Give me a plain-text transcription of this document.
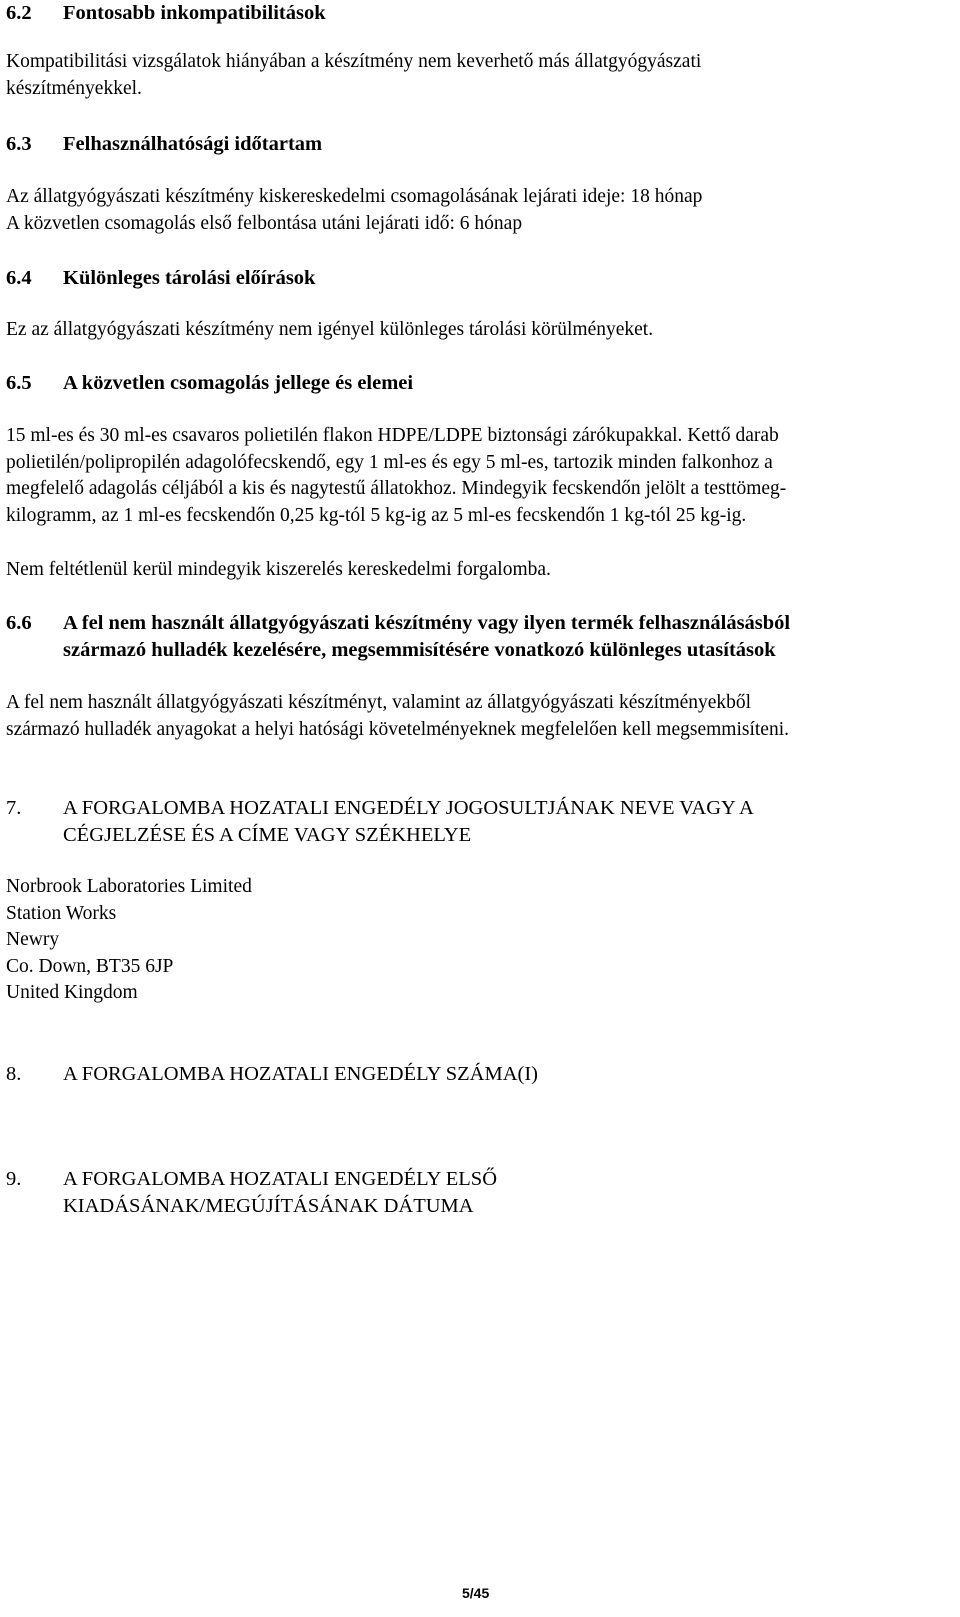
6.2 Fontosabb inkompatibilitások
Kompatibilitási vizsgálatok hiányában a készítmény nem keverhető más állatgyógyászati
készítményekkel.
6.3 Felhasználhatósági időtartam
Az állatgyógyászati készítmény kiskereskedelmi csomagolásának lejárati ideje: 18 hónap
A közvetlen csomagolás első felbontása utáni lejárati idő: 6 hónap
6.4 Különleges tárolási előírások
Ez az állatgyógyászati készítmény nem igényel különleges tárolási körülményeket.
6.5 A közvetlen csomagolás jellege és elemei
15 ml-es és 30 ml-es csavaros polietilén flakon HDPE/LDPE biztonsági zárókupakkal. Kettő darab
polietilén/polipropilén adagolófecskendő, egy 1 ml-es és egy 5 ml-es, tartozik minden falkonhoz a
megfelelő adagolás céljából a kis és nagytestű állatokhoz. Mindegyik fecskendőn jelölt a testtömeg-
kilogramm, az 1 ml-es fecskendőn 0,25 kg-tól 5 kg-ig az 5 ml-es fecskendőn 1 kg-tól 25 kg-ig.
Nem feltétlenül kerül mindegyik kiszerelés kereskedelmi forgalomba.
6.6 A fel nem használt állatgyógyászati készítmény vagy ilyen termék felhasználásásból
származó hulladék kezelésére, megsemmisítésére vonatkozó különleges utasítások
A fel nem használt állatgyógyászati készítményt, valamint az állatgyógyászati készítményekből
származó hulladék anyagokat a helyi hatósági követelményeknek megfelelően kell megsemmisíteni.
7. A FORGALOMBA HOZATALI ENGEDÉLY JOGOSULTJÁNAK NEVE VAGY A
CÉGJELZÉSE ÉS A CÍME VAGY SZÉKHELYE
Norbrook Laboratories Limited
Station Works
Newry
Co. Down, BT35 6JP
United Kingdom
8. A FORGALOMBA HOZATALI ENGEDÉLY SZÁMA(I)
9. A FORGALOMBA HOZATALI ENGEDÉLY ELSŐ
KIADÁSÁNAK/MEGÚJÍTÁSÁNAK DÁTUMA
5/45
